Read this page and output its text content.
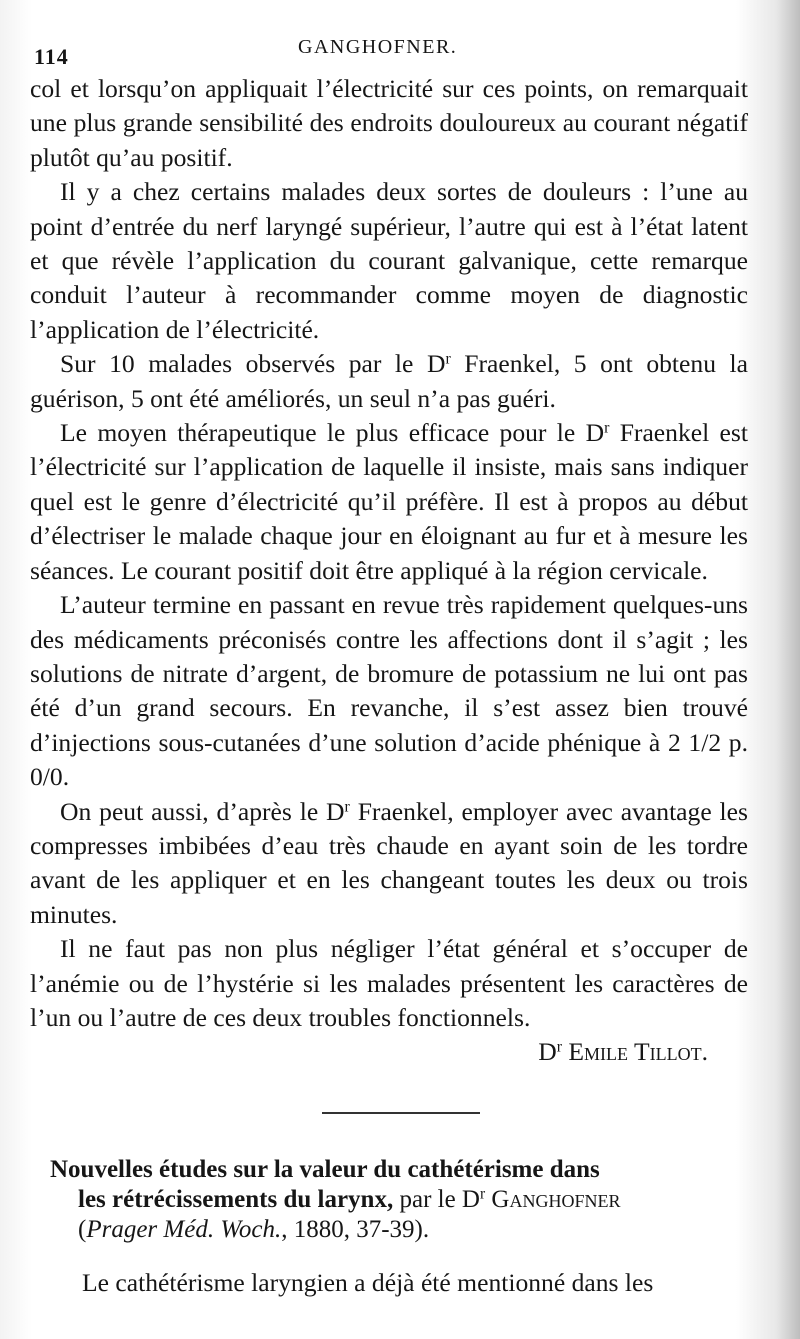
114	GANGHOFNER.

col et lorsqu’on appliquait l’électricité sur ces points, on remarquait une plus grande sensibilité des endroits douloureux au courant négatif plutôt qu’au positif.

Il y a chez certains malades deux sortes de douleurs : l’une au point d’entrée du nerf laryngé supérieur, l’autre qui est à l’état latent et que révèle l’application du courant galvanique, cette remarque conduit l’auteur à recommander comme moyen de diagnostic l’application de l’électricité.

Sur 10 malades observés par le $D^r$ Fraenkel, 5 ont obtenu la guérison, 5 ont été améliorés, un seul n’a pas guéri.

Le moyen thérapeutique le plus efficace pour le $D^r$ Fraenkel est l’électricité sur l’application de laquelle il insiste, mais sans indiquer quel est le genre d’électricité qu’il préfère. Il est à propos au début d’électriser le malade chaque jour en éloignant au fur et à mesure les séances. Le courant positif doit être appliqué à la région cervicale.

L’auteur termine en passant en revue très rapidement quelques-uns des médicaments préconisés contre les affections dont il s’agit ; les solutions de nitrate d’argent, de bromure de potassium ne lui ont pas été d’un grand secours. En revanche, il s’est assez bien trouvé d’injections sous-cutanées d’une solution d’acide phénique à 2 1/2 p. 0/0.

On peut aussi, d’après le $D^r$ Fraenkel, employer avec avantage les compresses imbibées d’eau très chaude en ayant soin de les tordre avant de les appliquer et en les changeant toutes les deux ou trois minutes.

Il ne faut pas non plus négliger l’état général et s’occuper de l’anémie ou de l’hystérie si les malades présentent les caractères de l’un ou l’autre de ces deux troubles fonctionnels.

$D^r$ Emile Tillot.
Nouvelles études sur la valeur du cathétérisme dans
les rétrécissements du larynx, par le $D^r$ Ganghofner
(Prager Méd. Woch., 1880, 37-39).
Le cathétérisme laryngien a déjà été mentionné dans les
